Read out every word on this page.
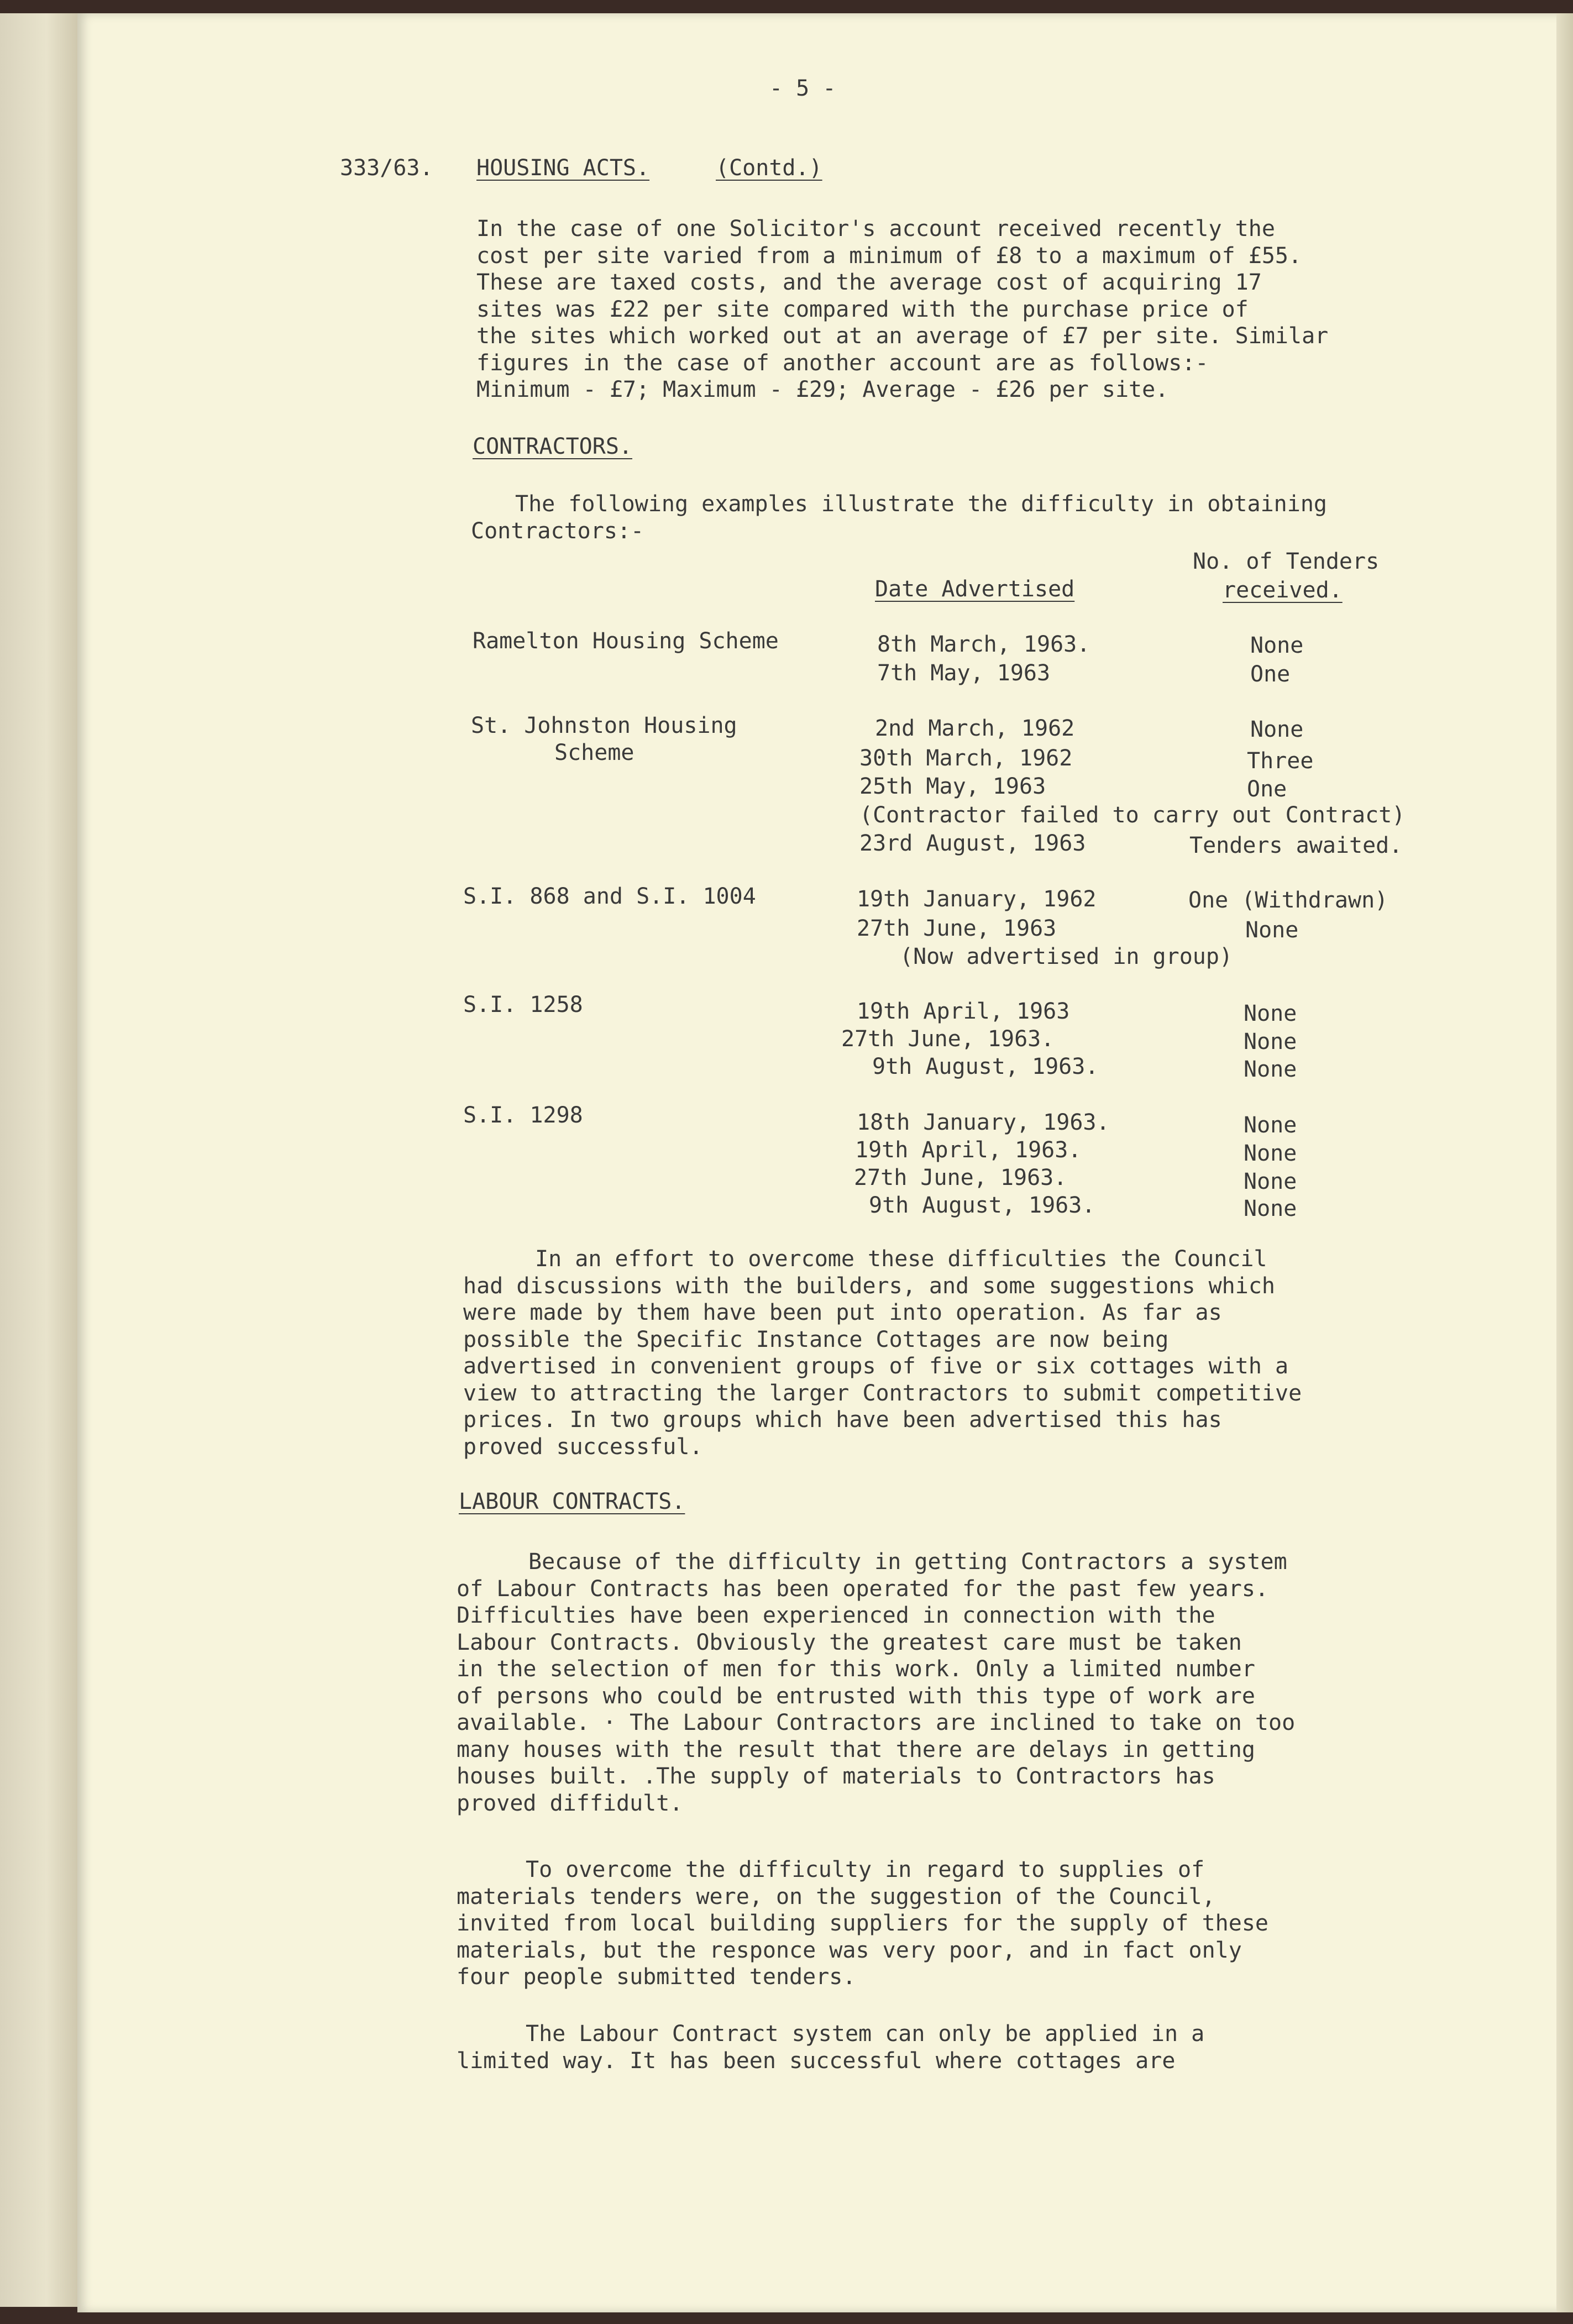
- 5 -
333/63. HOUSING ACTS.	(Contd.)
In the case of one Solicitor's account received recently the
cost per site varied from a minimum of £8 to a maximum of £55.
These are taxed costs, and the average cost of acquiring 17
sites was £22 per site compared with the purchase price of
the sites which worked out at an average of £7 per site. Similar
figures in the case of another account are as follows:-
Minimum - £7; Maximum - £29; Average - £26 per site.
CONTRACTORS.
The following examples illustrate the difficulty in obtaining
Contractors:-
No. of Tenders
Date Advertised	received.
Ramelton Housing Scheme	8th March, 1963.	None
7th May, 1963	One
St. Johnston Housing	2nd March, 1962	None
Scheme	30th March, 1962	Three
25th May, 1963	One
(Contractor failed to carry out Contract)
23rd August, 1963	Tenders awaited.
S.I. 868 and S.I. 1004	19th January, 1962	One (Withdrawn)
27th June, 1963	None
(Now advertised in group)
S.I. 1258	19th April, 1963	None
27th June, 1963.	None
9th August, 1963.	None
S.I. 1298	18th January, 1963.	None
19th April, 1963.	None
27th June, 1963.	None
9th August, 1963.	None
In an effort to overcome these difficulties the Council
had discussions with the builders, and some suggestions which
were made by them have been put into operation. As far as
possible the Specific Instance Cottages are now being
advertised in convenient groups of five or six cottages with a
view to attracting the larger Contractors to submit competitive
prices. In two groups which have been advertised this has
proved successful.
LABOUR CONTRACTS.
Because of the difficulty in getting Contractors a system
of Labour Contracts has been operated for the past few years.
Difficulties have been experienced in connection with the
Labour Contracts. Obviously the greatest care must be taken
in the selection of men for this work. Only a limited number
of persons who could be entrusted with this type of work are
available. · The Labour Contractors are inclined to take on too
many houses with the result that there are delays in getting
houses built. .The supply of materials to Contractors has
proved diffidult.
To overcome the difficulty in regard to supplies of
materials tenders were, on the suggestion of the Council,
invited from local building suppliers for the supply of these
materials, but the responce was very poor, and in fact only
four people submitted tenders.
The Labour Contract system can only be applied in a
limited way. It has been successful where cottages are
